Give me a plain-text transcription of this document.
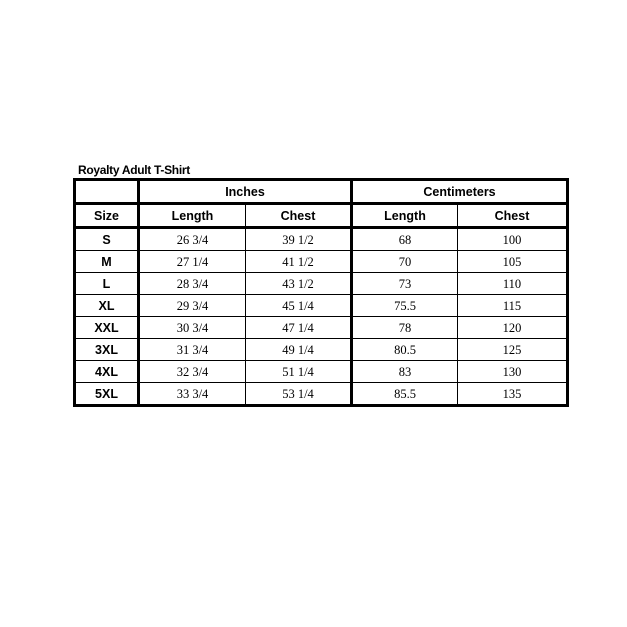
Royalty Adult T-Shirt
	Inches		Centimeters	
Size	Length	Chest	Length	Chest
S	26 3/4	39 1/2	68	100
M	27 1/4	41 1/2	70	105
L	28 3/4	43 1/2	73	110
XL	29 3/4	45 1/4	75.5	115
XXL	30 3/4	47 1/4	78	120
3XL	31 3/4	49 1/4	80.5	125
4XL	32 3/4	51 1/4	83	130
5XL	33 3/4	53 1/4	85.5	135
